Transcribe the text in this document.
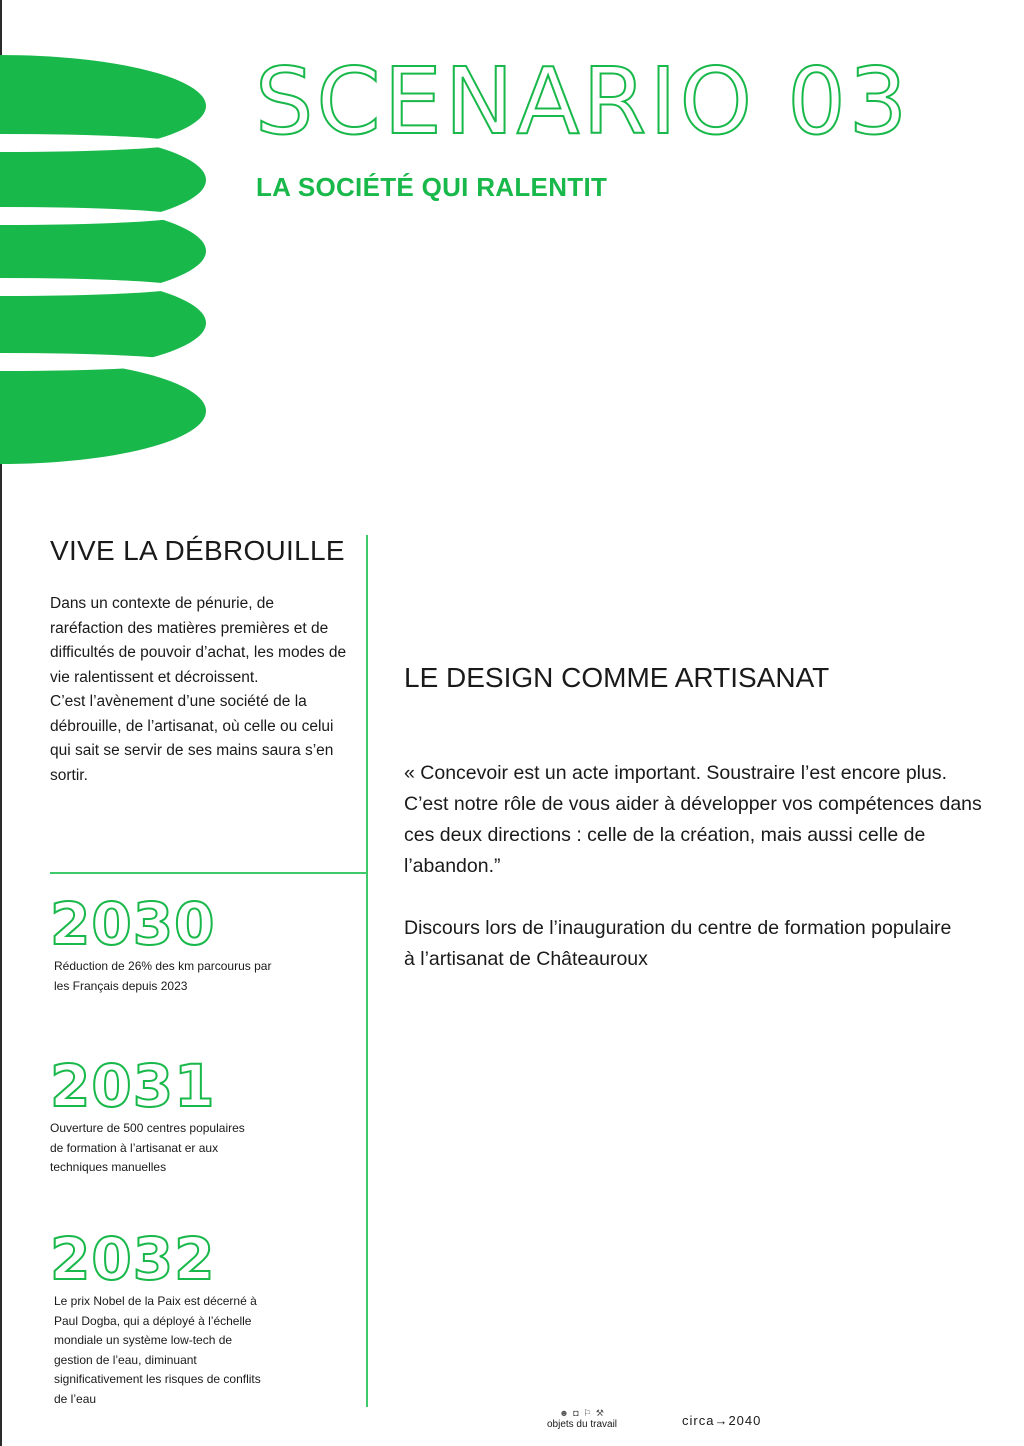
SCENARIO 03
LA SOCIÉTÉ QUI RALENTIT
VIVE LA DÉBROUILLE

Dans un contexte de pénurie, de raréfaction des matières premières et de difficultés de pouvoir d’achat, les modes de vie ralentissent et décroissent.

C’est l’avènement d’une société de la débrouille, de l’artisanat, où celle ou celui qui sait se servir de ses mains saura s’en sortir.

2030

Réduction de 26% des km parcourus par les Français depuis 2023

2031

Ouverture de 500 centres populaires de formation à l’artisanat er aux techniques manuelles

2032

Le prix Nobel de la Paix est décerné à Paul Dogba, qui a déployé à l’échelle mondiale un système low-tech de gestion de l’eau, diminuant significativement les risques de conflits de l’eau

LE DESIGN COMME ARTISANAT

« Concevoir est un acte important. Soustraire l’est encore plus. C’est notre rôle de vous aider à développer vos compétences dans ces deux directions : celle de la création, mais aussi celle de l’abandon.”

Discours lors de l’inauguration du centre de formation populaire à l’artisanat de Châteauroux

☻ ◘ ⚐ ⚒
objets du travail	circa→2040
